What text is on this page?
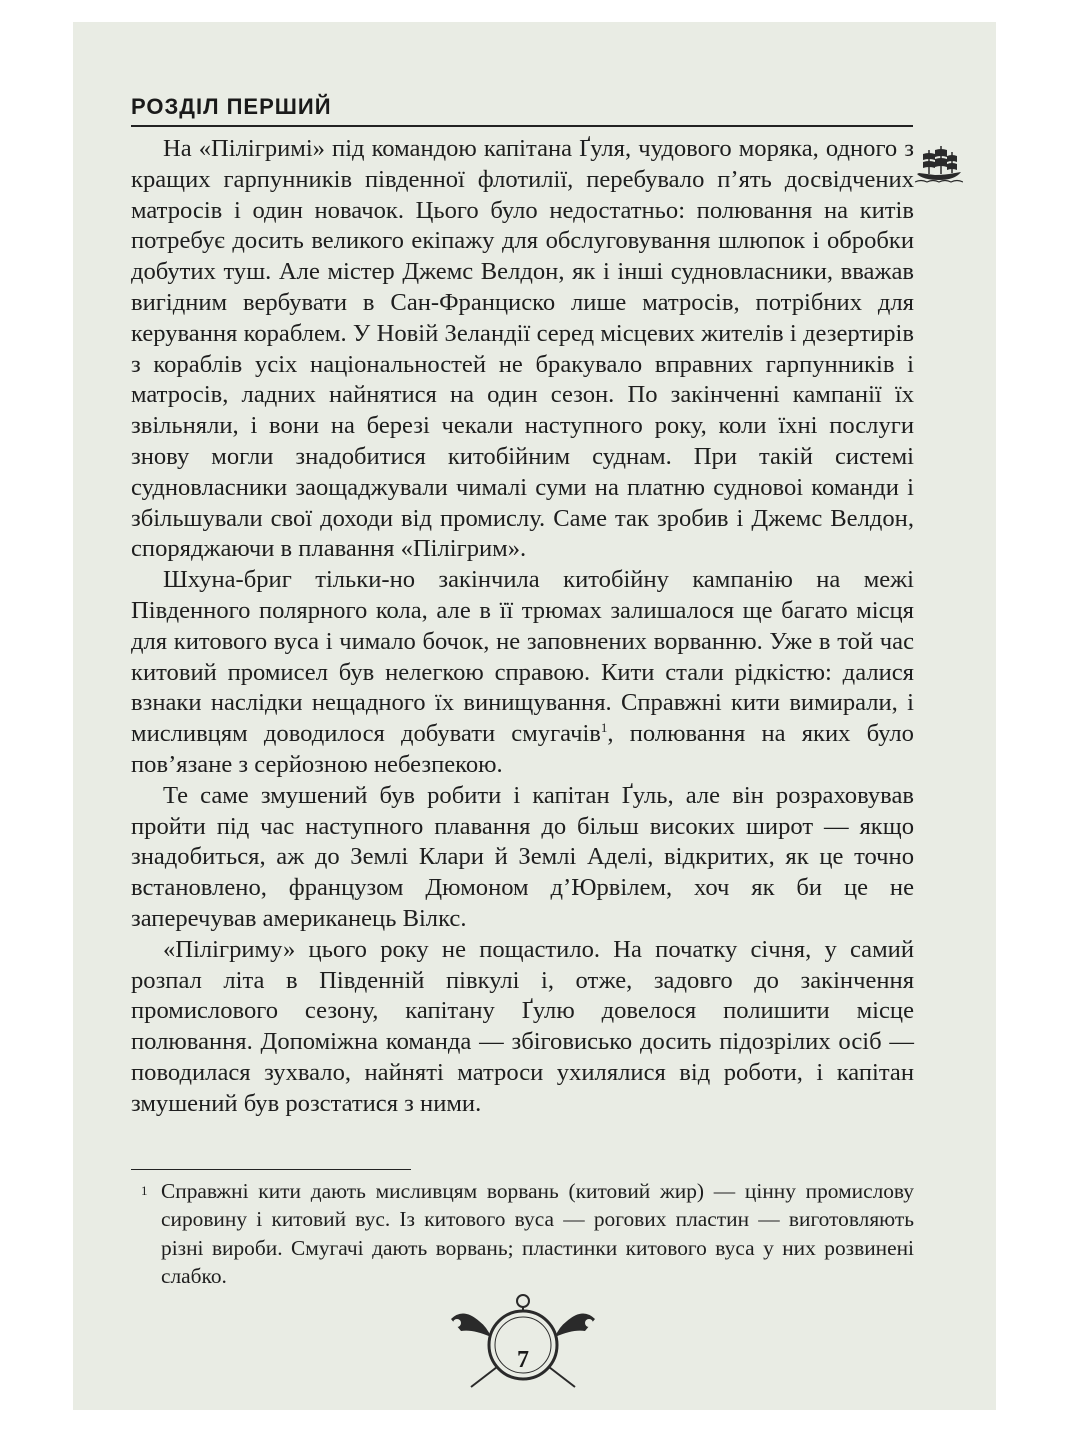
РОЗДІЛ ПЕРШИЙ

На «Пілігримі» під командою капітана Ґуля, чудового моряка, одного з кращих гарпунників південної флотилії, перебувало п’ять досвідчених матросів і один новачок. Цього було недостатньо: полювання на китів потребує досить великого екіпажу для обслуговування шлюпок і обробки добутих туш. Але містер Джемс Велдон, як і інші судновласники, вважав вигідним вербувати в Сан-Франциско лише матросів, потрібних для керування кораблем. У Новій Зеландії серед місцевих жителів і дезертирів з кораблів усіх національностей не бракувало вправних гарпунників і матросів, ладних найнятися на один сезон. По закінченні кампанії їх звільняли, і вони на березі чекали наступного року, коли їхні послуги знову могли знадобитися китобійним суднам. При такій системі судновласники заощаджували чималі суми на платню судновоі команди і збільшували свої доходи від промислу. Саме так зробив і Джемс Велдон, споряджаючи в плавання «Пілігрим».

Шхуна-бриг тільки-но закінчила китобійну кампанію на межі Південного полярного кола, але в її трюмах залишалося ще багато місця для китового вуса і чимало бочок, не заповнених ворванню. Уже в той час китовий промисел був нелегкою справою. Кити стали рідкістю: далися взнаки наслідки нещадного їх винищування. Справжні кити вимирали, і мисливцям доводилося добувати смугачів$^1$, полювання на яких було пов’язане з серйозною небезпекою.

Те саме змушений був робити і капітан Ґуль, але він розраховував пройти під час наступного плавання до більш високих широт — якщо знадобиться, аж до Землі Клари й Землі Аделі, відкритих, як це точно встановлено, французом Дюмоном д’Юрвілем, хоч як би це не заперечував американець Вілкс.

«Пілігриму» цього року не пощастило. На початку січня, у самий розпал літа в Південній півкулі і, отже, задовго до закінчення промислового сезону, капітану Ґулю довелося полишити місце полювання. Допоміжна команда — збіговисько досить підозрілих осіб — поводилася зухвало, найняті матроси ухилялися від роботи, і капітан змушений був розстатися з ними.

1 Справжні кити дають мисливцям ворвань (китовий жир) — цінну промислову сировину і китовий вус. Із китового вуса — рогових пластин — виготовляють різні вироби. Смугачі дають ворвань; пластинки китового вуса у них розвинені слабко.
7
